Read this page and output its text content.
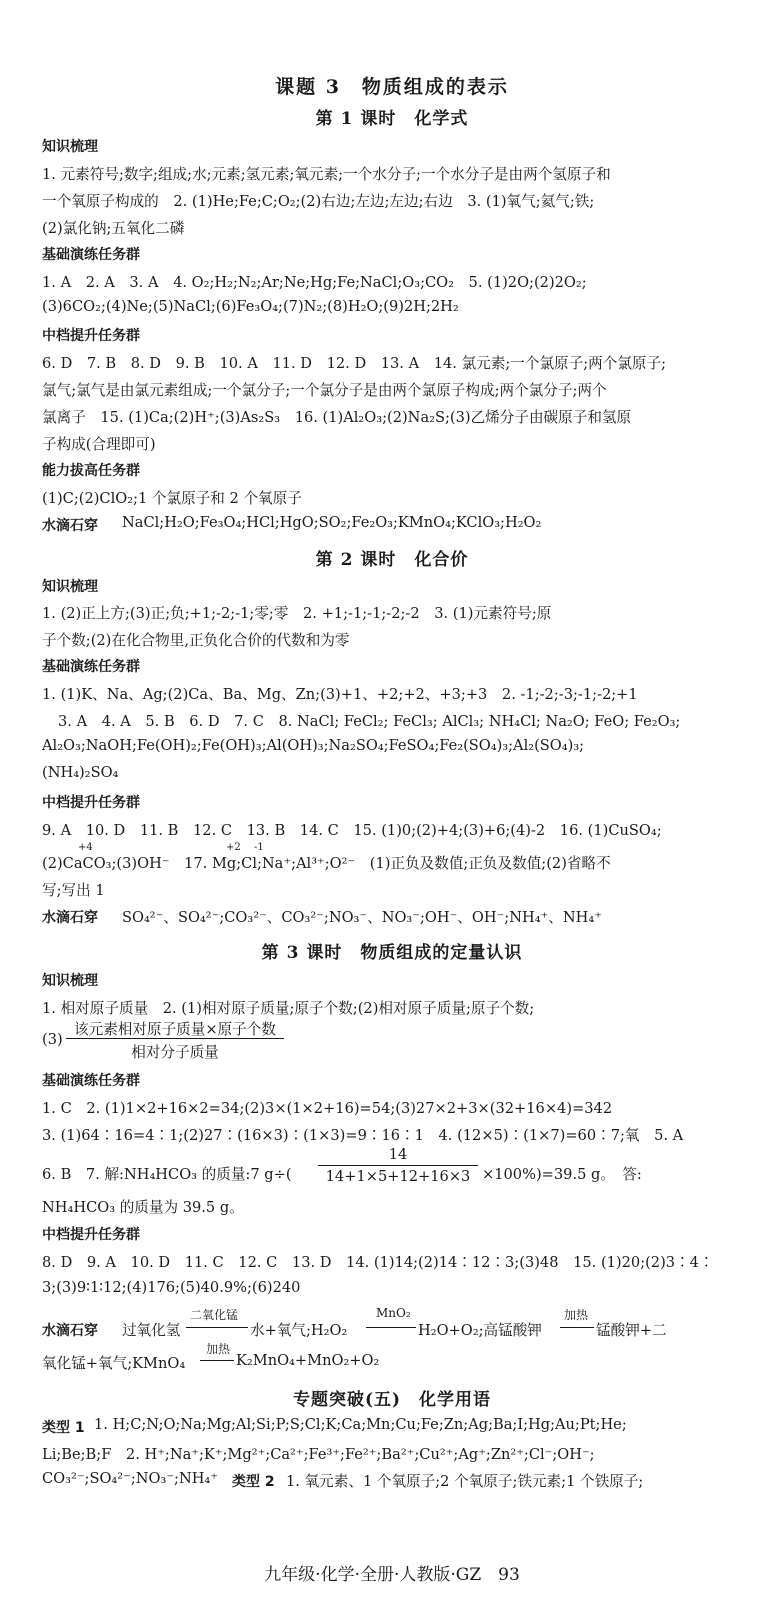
课题 3　物质组成的表示
第 1 课时　化学式
知识梳理
1. 元素符号;数字;组成;水;元素;氢元素;氧元素;一个水分子;一个水分子是由两个氢原子和
一个氧原子构成的　2. (1)He;Fe;C;O₂;(2)右边;左边;左边;右边　3. (1)氧气;氦气;铁;
(2)氯化钠;五氧化二磷
基础演练任务群
1. A　2. A　3. A　4. O₂;H₂;N₂;Ar;Ne;Hg;Fe;NaCl;O₃;CO₂　5. (1)2O;(2)2O₂;
(3)6CO₂;(4)Ne;(5)NaCl;(6)Fe₃O₄;(7)N₂;(8)H₂O;(9)2H;2H₂
中档提升任务群
6. D　7. B　8. D　9. B　10. A　11. D　12. D　13. A　14. 氯元素;一个氯原子;两个氯原子;
氯气;氯气是由氯元素组成;一个氯分子;一个氯分子是由两个氯原子构成;两个氯分子;两个
氯离子　15. (1)Ca;(2)H⁺;(3)As₂S₃　16. (1)Al₂O₃;(2)Na₂S;(3)乙烯分子由碳原子和氢原
子构成(合理即可)
能力拔高任务群
(1)C;(2)ClO₂;1 个氯原子和 2 个氧原子
水滴石穿 NaCl;H₂O;Fe₃O₄;HCl;HgO;SO₂;Fe₂O₃;KMnO₄;KClO₃;H₂O₂
第 2 课时　化合价
知识梳理
1. (2)正上方;(3)正;负;+1;-2;-1;零;零　2. +1;-1;-1;-2;-2　3. (1)元素符号;原
子个数;(2)在化合物里,正负化合价的代数和为零
基础演练任务群
1. (1)K、Na、Ag;(2)Ca、Ba、Mg、Zn;(3)+1、+2;+2、+3;+3　2. -1;-2;-3;-1;-2;+1
3. A　4. A　5. B　6. D　7. C　8. NaCl; FeCl₂; FeCl₃; AlCl₃; NH₄Cl; Na₂O; FeO; Fe₂O₃;
Al₂O₃;NaOH;Fe(OH)₂;Fe(OH)₃;Al(OH)₃;Na₂SO₄;FeSO₄;Fe₂(SO₄)₃;Al₂(SO₄)₃;
(NH₄)₂SO₄
中档提升任务群
9. A　10. D　11. B　12. C　13. B　14. C　15. (1)0;(2)+4;(3)+6;(4)-2　16. (1)CuSO₄;
+4	+2 -1
(2)CaCO₃;(3)OH⁻　17. Mg;Cl;Na⁺;Al³⁺;O²⁻　(1)正负及数值;正负及数值;(2)省略不
写;写出 1
水滴石穿 SO₄²⁻、SO₄²⁻;CO₃²⁻、CO₃²⁻;NO₃⁻、NO₃⁻;OH⁻、OH⁻;NH₄⁺、NH₄⁺
第 3 课时　物质组成的定量认识
知识梳理
1. 相对原子质量　2. (1)相对原子质量;原子个数;(2)相对原子质量;原子个数;
(3)
该元素相对原子质量×原子个数
相对分子质量
基础演练任务群
1. C　2. (1)1×2+16×2=34;(2)3×(1×2+16)=54;(3)27×2+3×(32+16×4)=342
3. (1)64∶16=4∶1;(2)27∶(16×3)∶(1×3)=9∶16∶1　4. (12×5)∶(1×7)=60∶7;氧　5. A
6. B　7. 解:NH₄HCO₃ 的质量:7 g÷(
14
14+1×5+12+16×3 ×100%)=39.5 g。　答:
NH₄HCO₃ 的质量为 39.5 g。
中档提升任务群
8. D　9. A　10. D　11. C　12. C　13. D　14. (1)14;(2)14∶12∶3;(3)48　15. (1)20;(2)3∶4∶
3;(3)9∶1∶12;(4)176;(5)40.9%;(6)240
水滴石穿 过氧化氢
二氧化锰
水+氧气;H₂O₂
MnO₂
H₂O+O₂;高锰酸钾
加热
锰酸钾+二
氧化锰+氧气;KMnO₄
加热
K₂MnO₄+MnO₂+O₂
专题突破(五)　化学用语
类型 1 1. H;C;N;O;Na;Mg;Al;Si;P;S;Cl;K;Ca;Mn;Cu;Fe;Zn;Ag;Ba;I;Hg;Au;Pt;He;
Li;Be;B;F　2. H⁺;Na⁺;K⁺;Mg²⁺;Ca²⁺;Fe³⁺;Fe²⁺;Ba²⁺;Cu²⁺;Ag⁺;Zn²⁺;Cl⁻;OH⁻;
CO₃²⁻;SO₄²⁻;NO₃⁻;NH₄⁺	类型 2 1. 氧元素、1 个氧原子;2 个氧原子;铁元素;1 个铁原子;
九年级·化学·全册·人教版·GZ　93
